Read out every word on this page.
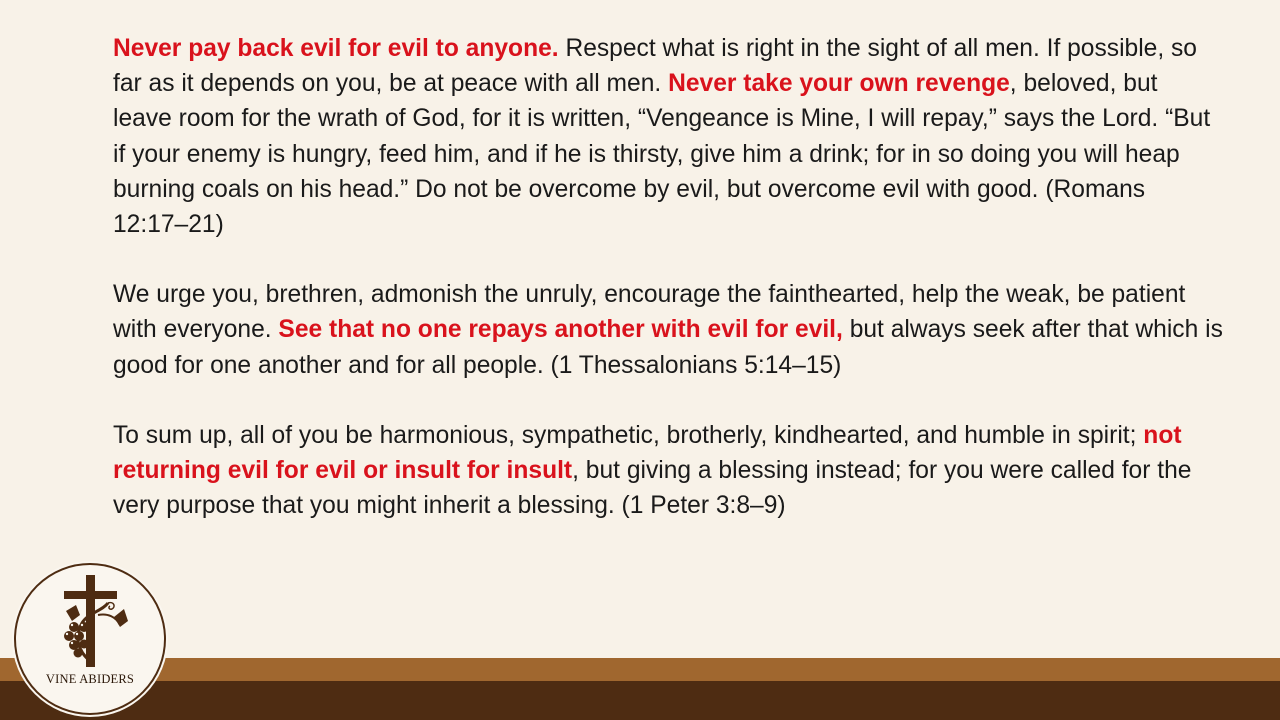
Never pay back evil for evil to anyone. Respect what is right in the sight of all men. If possible, so far as it depends on you, be at peace with all men. Never take your own revenge, beloved, but leave room for the wrath of God, for it is written, “Vengeance is Mine, I will repay,” says the Lord. “But if your enemy is hungry, feed him, and if he is thirsty, give him a drink; for in so doing you will heap burning coals on his head.” Do not be overcome by evil, but overcome evil with good. (Romans 12:17–21)

We urge you, brethren, admonish the unruly, encourage the fainthearted, help the weak, be patient with everyone. See that no one repays another with evil for evil, but always seek after that which is good for one another and for all people. (1 Thessalonians 5:14–15)

To sum up, all of you be harmonious, sympathetic, brotherly, kindhearted, and humble in spirit; not returning evil for evil or insult for insult, but giving a blessing instead; for you were called for the very purpose that you might inherit a blessing. (1 Peter 3:8–9)

VINE ABIDERS
